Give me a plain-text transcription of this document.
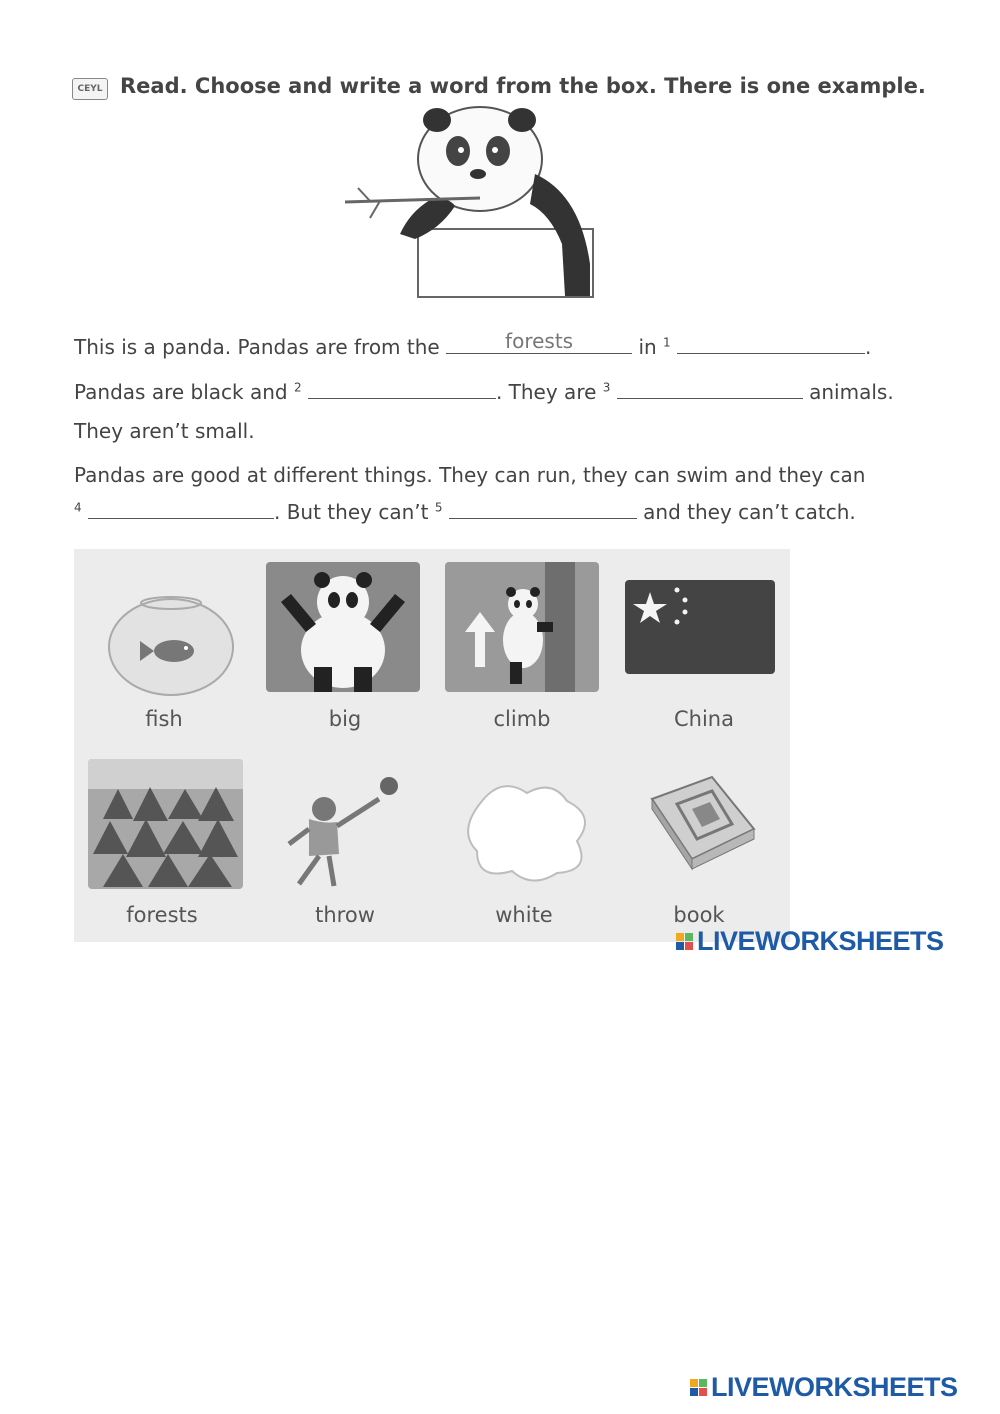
CEYL Read. Choose and write a word from the box. There is one example.
This is a panda. Pandas are from the	forests	in $^1$	.
Pandas are black and $^2$	. They are $^3$	animals.
They aren’t small.
Pandas are good at different things. They can run, they can swim and they can
$^4$	. But they can’t $^5$	and they can’t catch.
fish	big	climb	China
forests	throw	white	book
LIVEWORKSHEETS
LIVEWORKSHEETS
